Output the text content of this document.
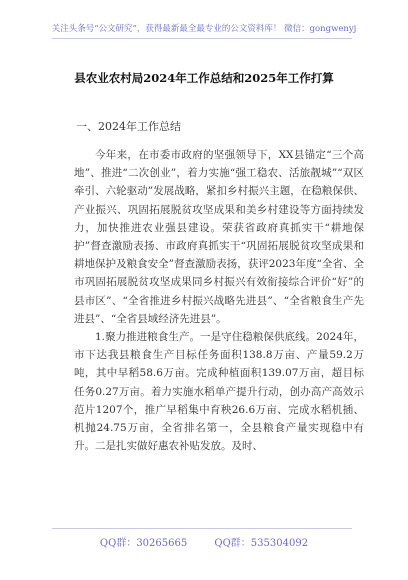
关注头条号“公文研究”，获得最新最全最专业的公文资料库！ 微信：gongwenyj
县农业农村局2024年工作总结和2025年工作打算
一、2024年工作总结

今年来，在市委市政府的坚强领导下，XX县锚定“三个高地”、推进“二次创业”，着力实施“强工稳农、活旅靓城”“双区牵引、六轮驱动”发展战略，紧扣乡村振兴主题，在稳粮保供、产业振兴、巩固拓展脱贫攻坚成果和美乡村建设等方面持续发力，加快推进农业强县建设。荣获省政府真抓实干“耕地保护”督查激励表扬、市政府真抓实干“巩固拓展脱贫攻坚成果和耕地保护及粮食安全”督查激励表扬，获评2023年度“全省、全市巩固拓展脱贫攻坚成果同乡村振兴有效衔接综合评价“好”的县市区”、“全省推进乡村振兴战略先进县”、“全省粮食生产先进县”、“全省县域经济先进县”。

1.聚力推进粮食生产。一是守住稳粮保供底线。2024年，市下达我县粮食生产目标任务面积138.8万亩、产量59.2万吨，其中早稻58.6万亩。完成种植面积139.07万亩，超目标任务0.27万亩。着力实施水稻单产提升行动，创办高产高效示范片1207个，推广早稻集中育秧26.6万亩、完成水稻机插、机抛24.75万亩，全省排名第一，全县粮食产量实现稳中有升。二是扎实做好惠农补贴发放。及时、

QQ群：30265665	QQ群：535304092
